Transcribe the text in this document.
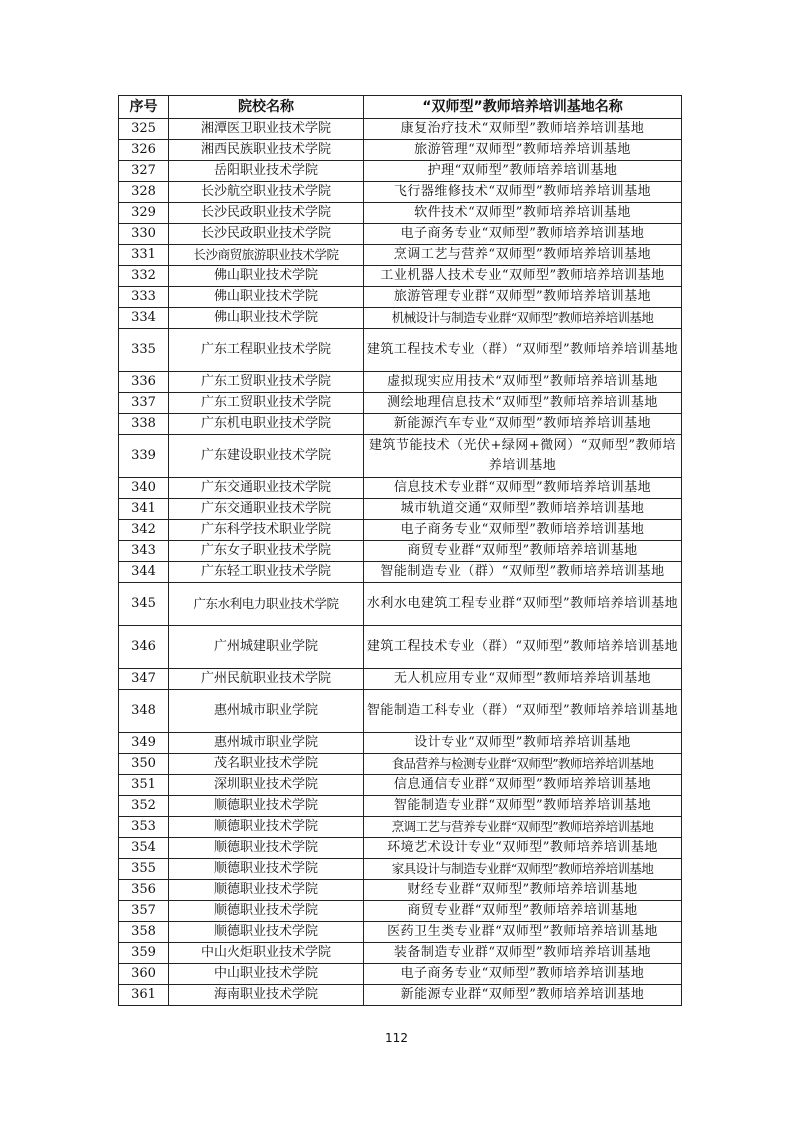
序号	院校名称	“双师型”教师培养培训基地名称
325	湘潭医卫职业技术学院	康复治疗技术“双师型”教师培养培训基地
326	湘西民族职业技术学院	旅游管理“双师型”教师培养培训基地
327	岳阳职业技术学院	护理“双师型”教师培养培训基地
328	长沙航空职业技术学院	飞行器维修技术“双师型”教师培养培训基地
329	长沙民政职业技术学院	软件技术“双师型”教师培养培训基地
330	长沙民政职业技术学院	电子商务专业“双师型”教师培养培训基地
331	长沙商贸旅游职业技术学院	烹调工艺与营养“双师型”教师培养培训基地
332	佛山职业技术学院	工业机器人技术专业“双师型”教师培养培训基地
333	佛山职业技术学院	旅游管理专业群“双师型”教师培养培训基地
334	佛山职业技术学院	机械设计与制造专业群“双师型”教师培养培训基地
335	广东工程职业技术学院	建筑工程技术专业（群）“双师型”教师培养培训基地
336	广东工贸职业技术学院	虚拟现实应用技术“双师型”教师培养培训基地
337	广东工贸职业技术学院	测绘地理信息技术“双师型”教师培养培训基地
338	广东机电职业技术学院	新能源汽车专业“双师型”教师培养培训基地
339	广东建设职业技术学院	建筑节能技术（光伏+绿网+微网）“双师型”教师培养培训基地
340	广东交通职业技术学院	信息技术专业群“双师型”教师培养培训基地
341	广东交通职业技术学院	城市轨道交通“双师型”教师培养培训基地
342	广东科学技术职业学院	电子商务专业“双师型”教师培养培训基地
343	广东女子职业技术学院	商贸专业群“双师型”教师培养培训基地
344	广东轻工职业技术学院	智能制造专业（群）“双师型”教师培养培训基地
345	广东水利电力职业技术学院	水利水电建筑工程专业群“双师型”教师培养培训基地
346	广州城建职业学院	建筑工程技术专业（群）“双师型”教师培养培训基地
347	广州民航职业技术学院	无人机应用专业“双师型”教师培养培训基地
348	惠州城市职业学院	智能制造工科专业（群）“双师型”教师培养培训基地
349	惠州城市职业学院	设计专业“双师型”教师培养培训基地
350	茂名职业技术学院	食品营养与检测专业群“双师型”教师培养培训基地
351	深圳职业技术学院	信息通信专业群“双师型”教师培养培训基地
352	顺德职业技术学院	智能制造专业群“双师型”教师培养培训基地
353	顺德职业技术学院	烹调工艺与营养专业群“双师型”教师培养培训基地
354	顺德职业技术学院	环境艺术设计专业“双师型”教师培养培训基地
355	顺德职业技术学院	家具设计与制造专业群“双师型”教师培养培训基地
356	顺德职业技术学院	财经专业群“双师型”教师培养培训基地
357	顺德职业技术学院	商贸专业群“双师型”教师培养培训基地
358	顺德职业技术学院	医药卫生类专业群“双师型”教师培养培训基地
359	中山火炬职业技术学院	装备制造专业群“双师型”教师培养培训基地
360	中山职业技术学院	电子商务专业“双师型”教师培养培训基地
361	海南职业技术学院	新能源专业群“双师型”教师培养培训基地
112
